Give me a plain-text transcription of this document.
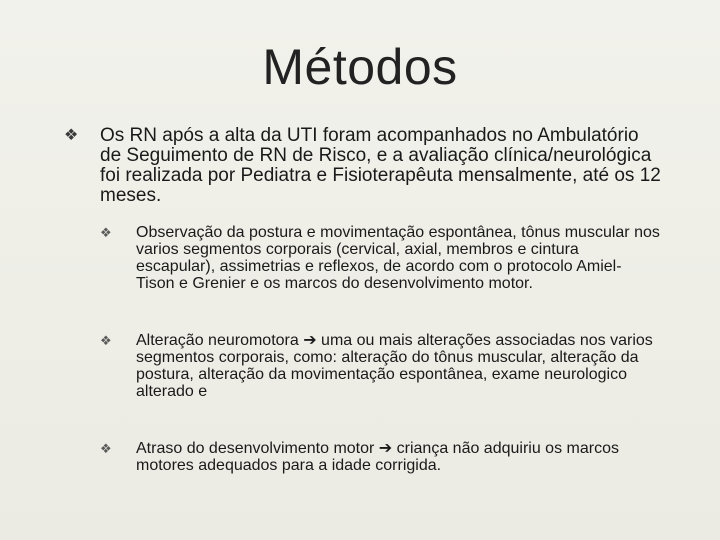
Métodos
❖	Os RN após a alta da UTI foram acompanhados no Ambulatório de Seguimento de RN de Risco, e a avaliação clínica/neurológica foi realizada por Pediatra e Fisioterapêuta mensalmente, até os 12 meses.
❖	Observação da postura e movimentação espontânea, tônus muscular nos varios segmentos corporais (cervical, axial, membros e cintura escapular), assimetrias e reflexos, de acordo com o protocolo Amiel-Tison e Grenier e os marcos do desenvolvimento motor.
❖	Alteração neuromotora ➔ uma ou mais alterações associadas nos varios segmentos corporais, como: alteração do tônus muscular, alteração da postura, alteração da movimentação espontânea, exame neurologico alterado e
❖	Atraso do desenvolvimento motor ➔ criança não adquiriu os marcos motores adequados para a idade corrigida.
